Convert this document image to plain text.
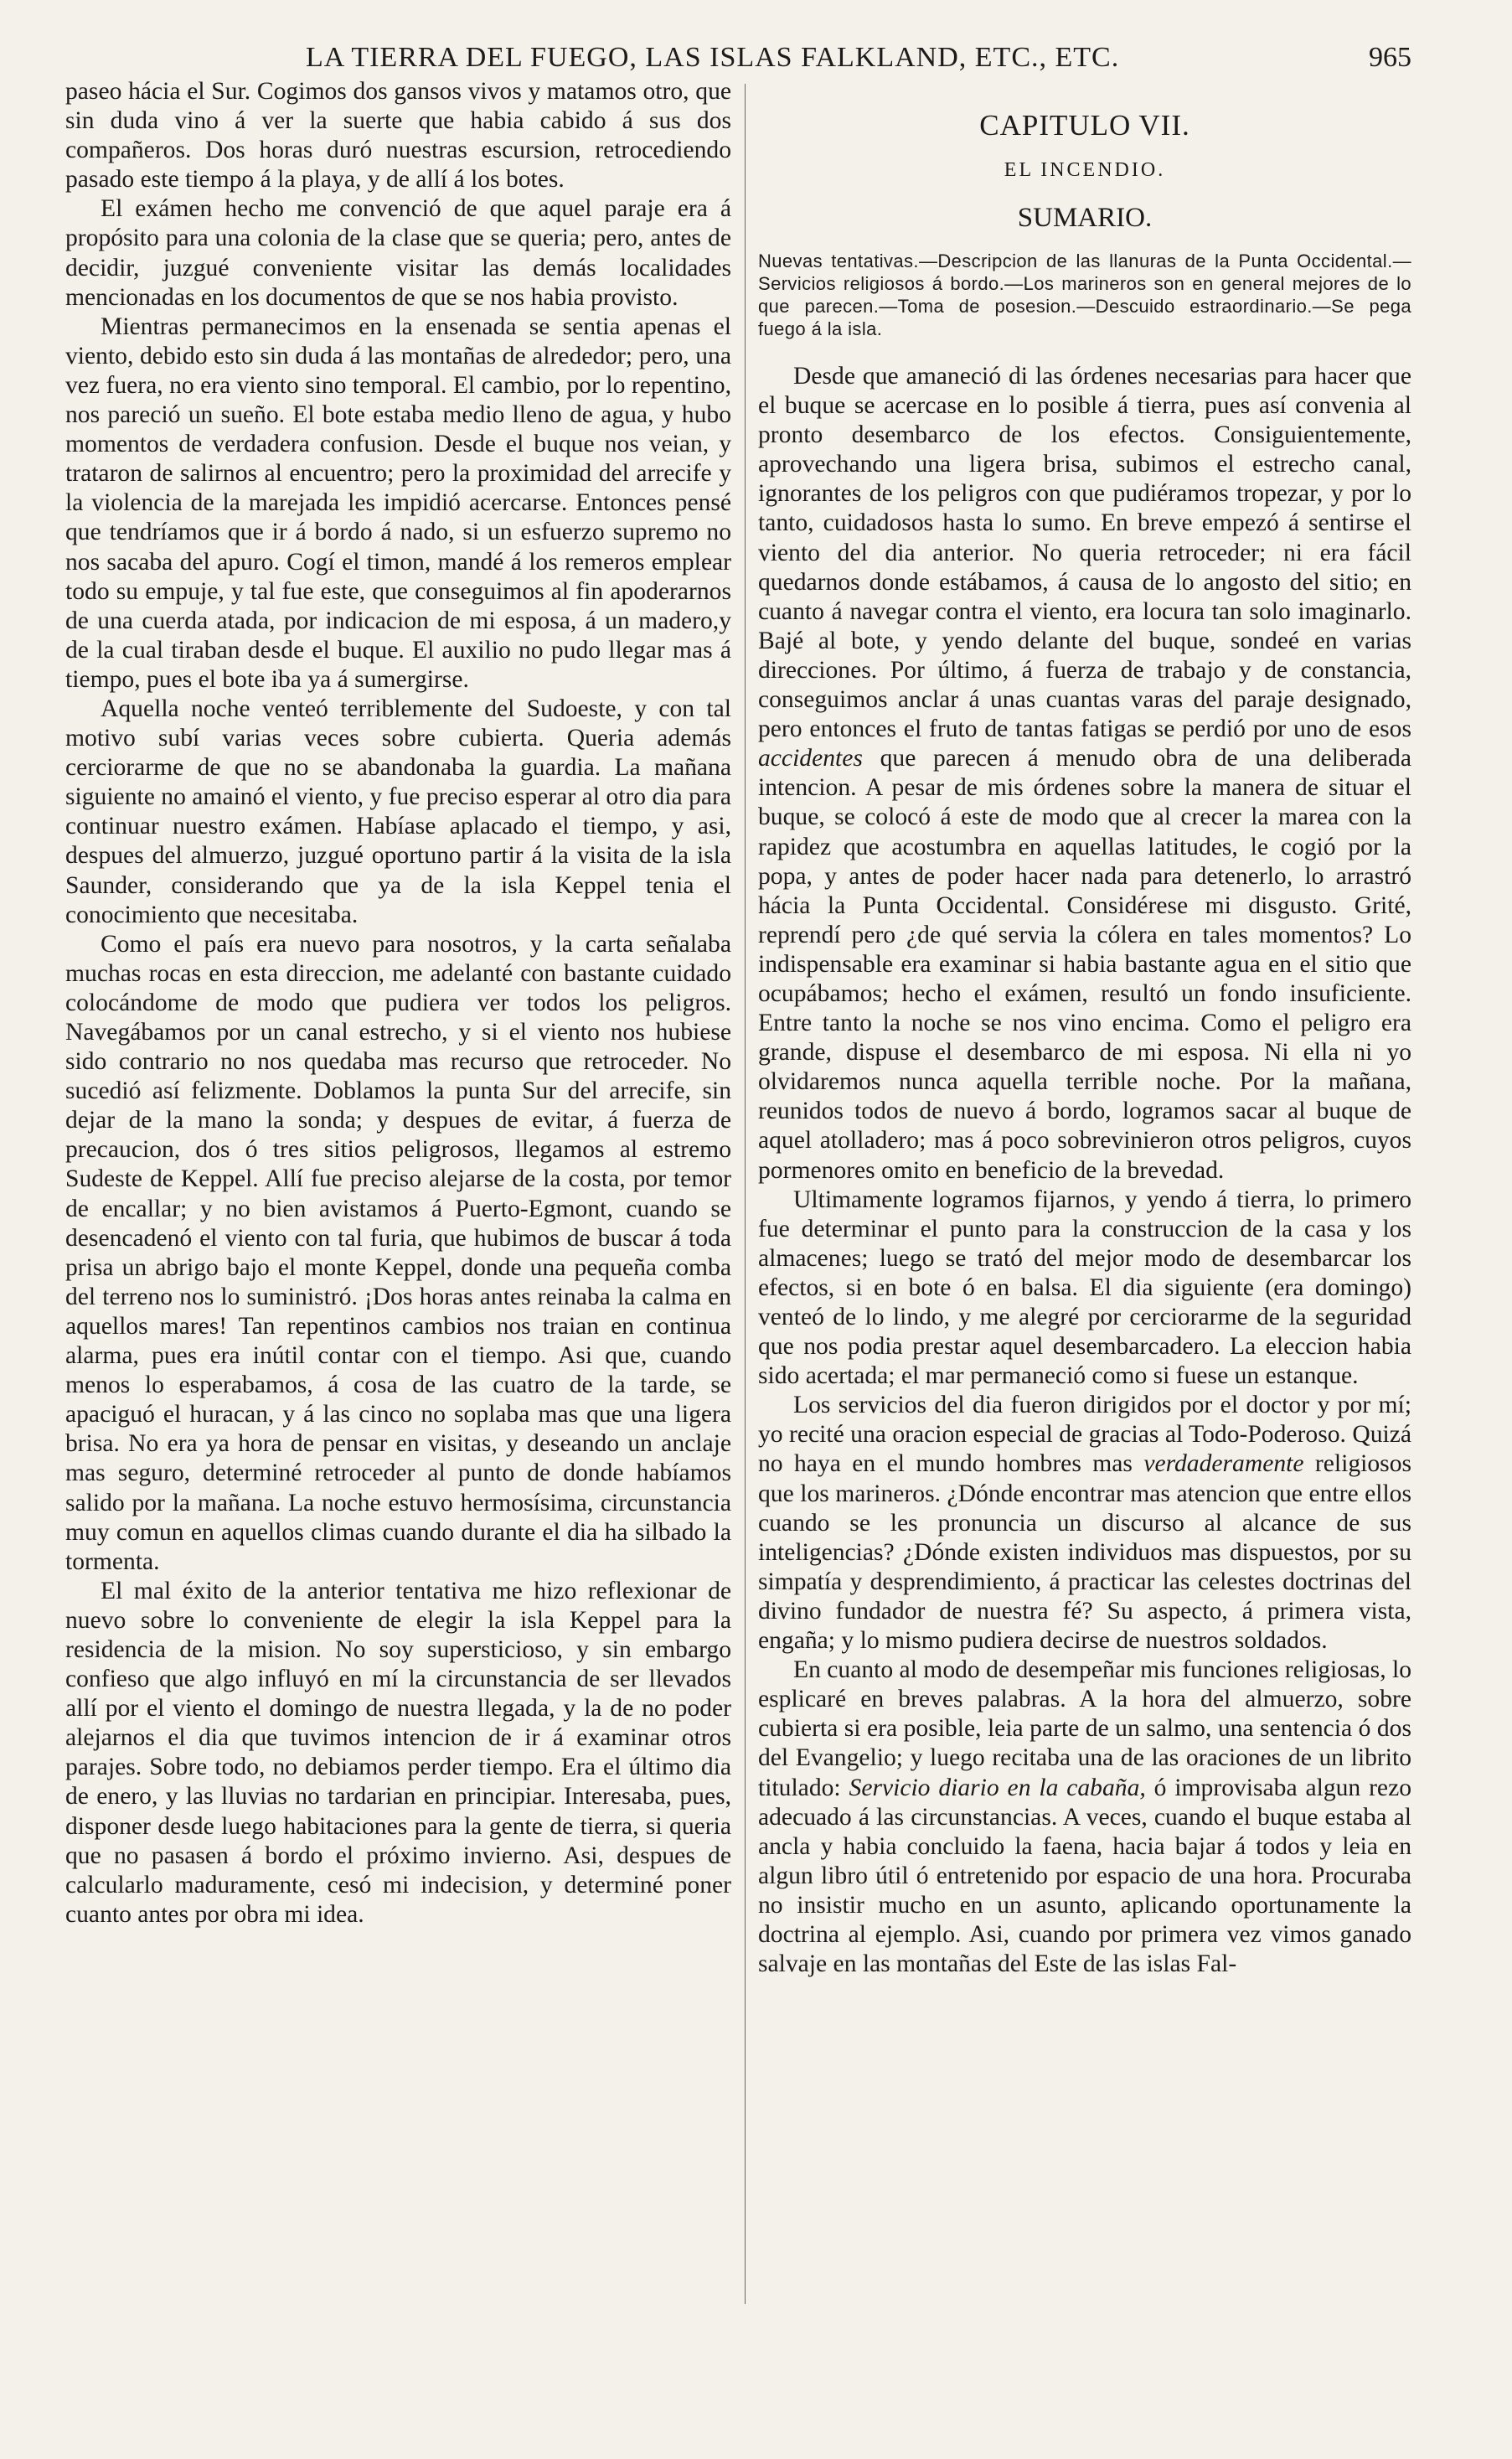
LA TIERRA DEL FUEGO, LAS ISLAS FALKLAND, ETC., ETC.	965

paseo hácia el Sur. Cogimos dos gansos vivos y matamos otro, que sin duda vino á ver la suerte que habia cabido á sus dos compañeros. Dos horas duró nuestras escursion, retrocediendo pasado este tiempo á la playa, y de allí á los botes.

El exámen hecho me convenció de que aquel paraje era á propósito para una colonia de la clase que se queria; pero, antes de decidir, juzgué conveniente visitar las demás localidades mencionadas en los documentos de que se nos habia provisto.

Mientras permanecimos en la ensenada se sentia apenas el viento, debido esto sin duda á las montañas de alrededor; pero, una vez fuera, no era viento sino temporal. El cambio, por lo repentino, nos pareció un sueño. El bote estaba medio lleno de agua, y hubo momentos de verdadera confusion. Desde el buque nos veian, y trataron de salirnos al encuentro; pero la proximidad del arrecife y la violencia de la marejada les impidió acercarse. Entonces pensé que tendríamos que ir á bordo á nado, si un esfuerzo supremo no nos sacaba del apuro. Cogí el timon, mandé á los remeros emplear todo su empuje, y tal fue este, que conseguimos al fin apoderarnos de una cuerda atada, por indicacion de mi esposa, á un madero,y de la cual tiraban desde el buque. El auxilio no pudo llegar mas á tiempo, pues el bote iba ya á sumergirse.

Aquella noche venteó terriblemente del Sudoeste, y con tal motivo subí varias veces sobre cubierta. Queria además cerciorarme de que no se abandonaba la guardia. La mañana siguiente no amainó el viento, y fue preciso esperar al otro dia para continuar nuestro exámen. Habíase aplacado el tiempo, y asi, despues del almuerzo, juzgué oportuno partir á la visita de la isla Saunder, considerando que ya de la isla Keppel tenia el conocimiento que necesitaba.

Como el país era nuevo para nosotros, y la carta señalaba muchas rocas en esta direccion, me adelanté con bastante cuidado colocándome de modo que pudiera ver todos los peligros. Navegábamos por un canal estrecho, y si el viento nos hubiese sido contrario no nos quedaba mas recurso que retroceder. No sucedió así felizmente. Doblamos la punta Sur del arrecife, sin dejar de la mano la sonda; y despues de evitar, á fuerza de precaucion, dos ó tres sitios peligrosos, llegamos al estremo Sudeste de Keppel. Allí fue preciso alejarse de la costa, por temor de encallar; y no bien avistamos á Puerto-Egmont, cuando se desencadenó el viento con tal furia, que hubimos de buscar á toda prisa un abrigo bajo el monte Keppel, donde una pequeña comba del terreno nos lo suministró. ¡Dos horas antes reinaba la calma en aquellos mares! Tan repentinos cambios nos traian en continua alarma, pues era inútil contar con el tiempo. Asi que, cuando menos lo esperabamos, á cosa de las cuatro de la tarde, se apaciguó el huracan, y á las cinco no soplaba mas que una ligera brisa. No era ya hora de pensar en visitas, y deseando un anclaje mas seguro, determiné retroceder al punto de donde habíamos salido por la mañana. La noche estuvo hermosísima, circunstancia muy comun en aquellos climas cuando durante el dia ha silbado la tormenta.

El mal éxito de la anterior tentativa me hizo reflexionar de nuevo sobre lo conveniente de elegir la isla Keppel para la residencia de la mision. No soy supersticioso, y sin embargo confieso que algo influyó en mí la circunstancia de ser llevados allí por el viento el domingo de nuestra llegada, y la de no poder alejarnos el dia que tuvimos intencion de ir á examinar otros parajes. Sobre todo, no debiamos perder tiempo. Era el último dia de enero, y las lluvias no tardarian en principiar. Interesaba, pues, disponer desde luego habitaciones para la gente de tierra, si queria que no pasasen á bordo el próximo invierno. Asi, despues de calcularlo maduramente, cesó mi indecision, y determiné poner cuanto antes por obra mi idea.

CAPITULO VII.
EL INCENDIO.
SUMARIO.
Nuevas tentativas.—Descripcion de las llanuras de la Punta Occidental.—Servicios religiosos á bordo.—Los marineros son en general mejores de lo que parecen.—Toma de posesion.—Descuido estraordinario.—Se pega fuego á la isla.

Desde que amaneció di las órdenes necesarias para hacer que el buque se acercase en lo posible á tierra, pues así convenia al pronto desembarco de los efectos. Consiguientemente, aprovechando una ligera brisa, subimos el estrecho canal, ignorantes de los peligros con que pudiéramos tropezar, y por lo tanto, cuidadosos hasta lo sumo. En breve empezó á sentirse el viento del dia anterior. No queria retroceder; ni era fácil quedarnos donde estábamos, á causa de lo angosto del sitio; en cuanto á navegar contra el viento, era locura tan solo imaginarlo. Bajé al bote, y yendo delante del buque, sondeé en varias direcciones. Por último, á fuerza de trabajo y de constancia, conseguimos anclar á unas cuantas varas del paraje designado, pero entonces el fruto de tantas fatigas se perdió por uno de esos accidentes que parecen á menudo obra de una deliberada intencion. A pesar de mis órdenes sobre la manera de situar el buque, se colocó á este de modo que al crecer la marea con la rapidez que acostumbra en aquellas latitudes, le cogió por la popa, y antes de poder hacer nada para detenerlo, lo arrastró hácia la Punta Occidental. Considérese mi disgusto. Grité, reprendí pero ¿de qué servia la cólera en tales momentos? Lo indispensable era examinar si habia bastante agua en el sitio que ocupábamos; hecho el exámen, resultó un fondo insuficiente. Entre tanto la noche se nos vino encima. Como el peligro era grande, dispuse el desembarco de mi esposa. Ni ella ni yo olvidaremos nunca aquella terrible noche. Por la mañana, reunidos todos de nuevo á bordo, logramos sacar al buque de aquel atolladero; mas á poco sobrevinieron otros peligros, cuyos pormenores omito en beneficio de la brevedad.

Ultimamente logramos fijarnos, y yendo á tierra, lo primero fue determinar el punto para la construccion de la casa y los almacenes; luego se trató del mejor modo de desembarcar los efectos, si en bote ó en balsa. El dia siguiente (era domingo) venteó de lo lindo, y me alegré por cerciorarme de la seguridad que nos podia prestar aquel desembarcadero. La eleccion habia sido acertada; el mar permaneció como si fuese un estanque.

Los servicios del dia fueron dirigidos por el doctor y por mí; yo recité una oracion especial de gracias al Todo-Poderoso. Quizá no haya en el mundo hombres mas verdaderamente religiosos que los marineros. ¿Dónde encontrar mas atencion que entre ellos cuando se les pronuncia un discurso al alcance de sus inteligencias? ¿Dónde existen individuos mas dispuestos, por su simpatía y desprendimiento, á practicar las celestes doctrinas del divino fundador de nuestra fé? Su aspecto, á primera vista, engaña; y lo mismo pudiera decirse de nuestros soldados.

En cuanto al modo de desempeñar mis funciones religiosas, lo esplicaré en breves palabras. A la hora del almuerzo, sobre cubierta si era posible, leia parte de un salmo, una sentencia ó dos del Evangelio; y luego recitaba una de las oraciones de un librito titulado: Servicio diario en la cabaña, ó improvisaba algun rezo adecuado á las circunstancias. A veces, cuando el buque estaba al ancla y habia concluido la faena, hacia bajar á todos y leia en algun libro útil ó entretenido por espacio de una hora. Procuraba no insistir mucho en un asunto, aplicando oportunamente la doctrina al ejemplo. Asi, cuando por primera vez vimos ganado salvaje en las montañas del Este de las islas Fal-
